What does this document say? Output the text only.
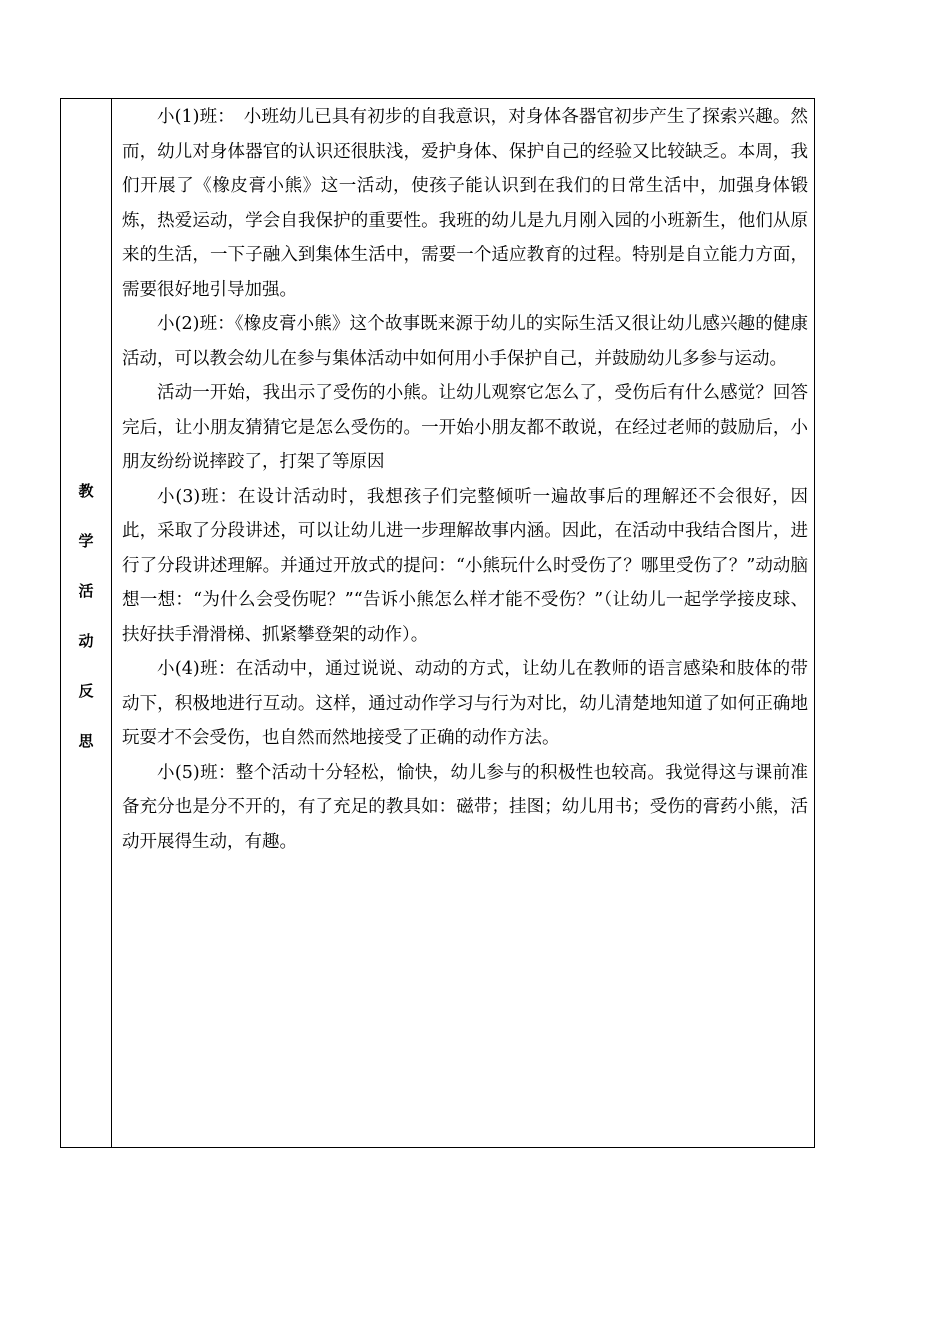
教
学
活
动
反
思

小(1)班：　小班幼儿已具有初步的自我意识，对身体各器官初步产生了探索兴趣。然而，幼儿对身体器官的认识还很肤浅，爱护身体、保护自己的经验又比较缺乏。本周，我们开展了《橡皮膏小熊》这一活动，使孩子能认识到在我们的日常生活中，加强身体锻炼，热爱运动，学会自我保护的重要性。我班的幼儿是九月刚入园的小班新生，他们从原来的生活，一下子融入到集体生活中，需要一个适应教育的过程。特别是自立能力方面，需要很好地引导加强。

小(2)班：《橡皮膏小熊》这个故事既来源于幼儿的实际生活又很让幼儿感兴趣的健康活动，可以教会幼儿在参与集体活动中如何用小手保护自己，并鼓励幼儿多参与运动。

活动一开始，我出示了受伤的小熊。让幼儿观察它怎么了，受伤后有什么感觉？回答完后，让小朋友猜猜它是怎么受伤的。一开始小朋友都不敢说，在经过老师的鼓励后，小朋友纷纷说摔跤了，打架了等原因

小(3)班：在设计活动时，我想孩子们完整倾听一遍故事后的理解还不会很好，因此，采取了分段讲述，可以让幼儿进一步理解故事内涵。因此，在活动中我结合图片，进行了分段讲述理解。并通过开放式的提问：“小熊玩什么时受伤了？哪里受伤了？”动动脑想一想：“为什么会受伤呢？”“告诉小熊怎么样才能不受伤？”（让幼儿一起学学接皮球、扶好扶手滑滑梯、抓紧攀登架的动作）。

小(4)班：在活动中，通过说说、动动的方式，让幼儿在教师的语言感染和肢体的带动下，积极地进行互动。这样，通过动作学习与行为对比，幼儿清楚地知道了如何正确地玩耍才不会受伤，也自然而然地接受了正确的动作方法。

小(5)班：整个活动十分轻松，愉快，幼儿参与的积极性也较高。我觉得这与课前准备充分也是分不开的，有了充足的教具如：磁带；挂图；幼儿用书；受伤的膏药小熊，活动开展得生动，有趣。
